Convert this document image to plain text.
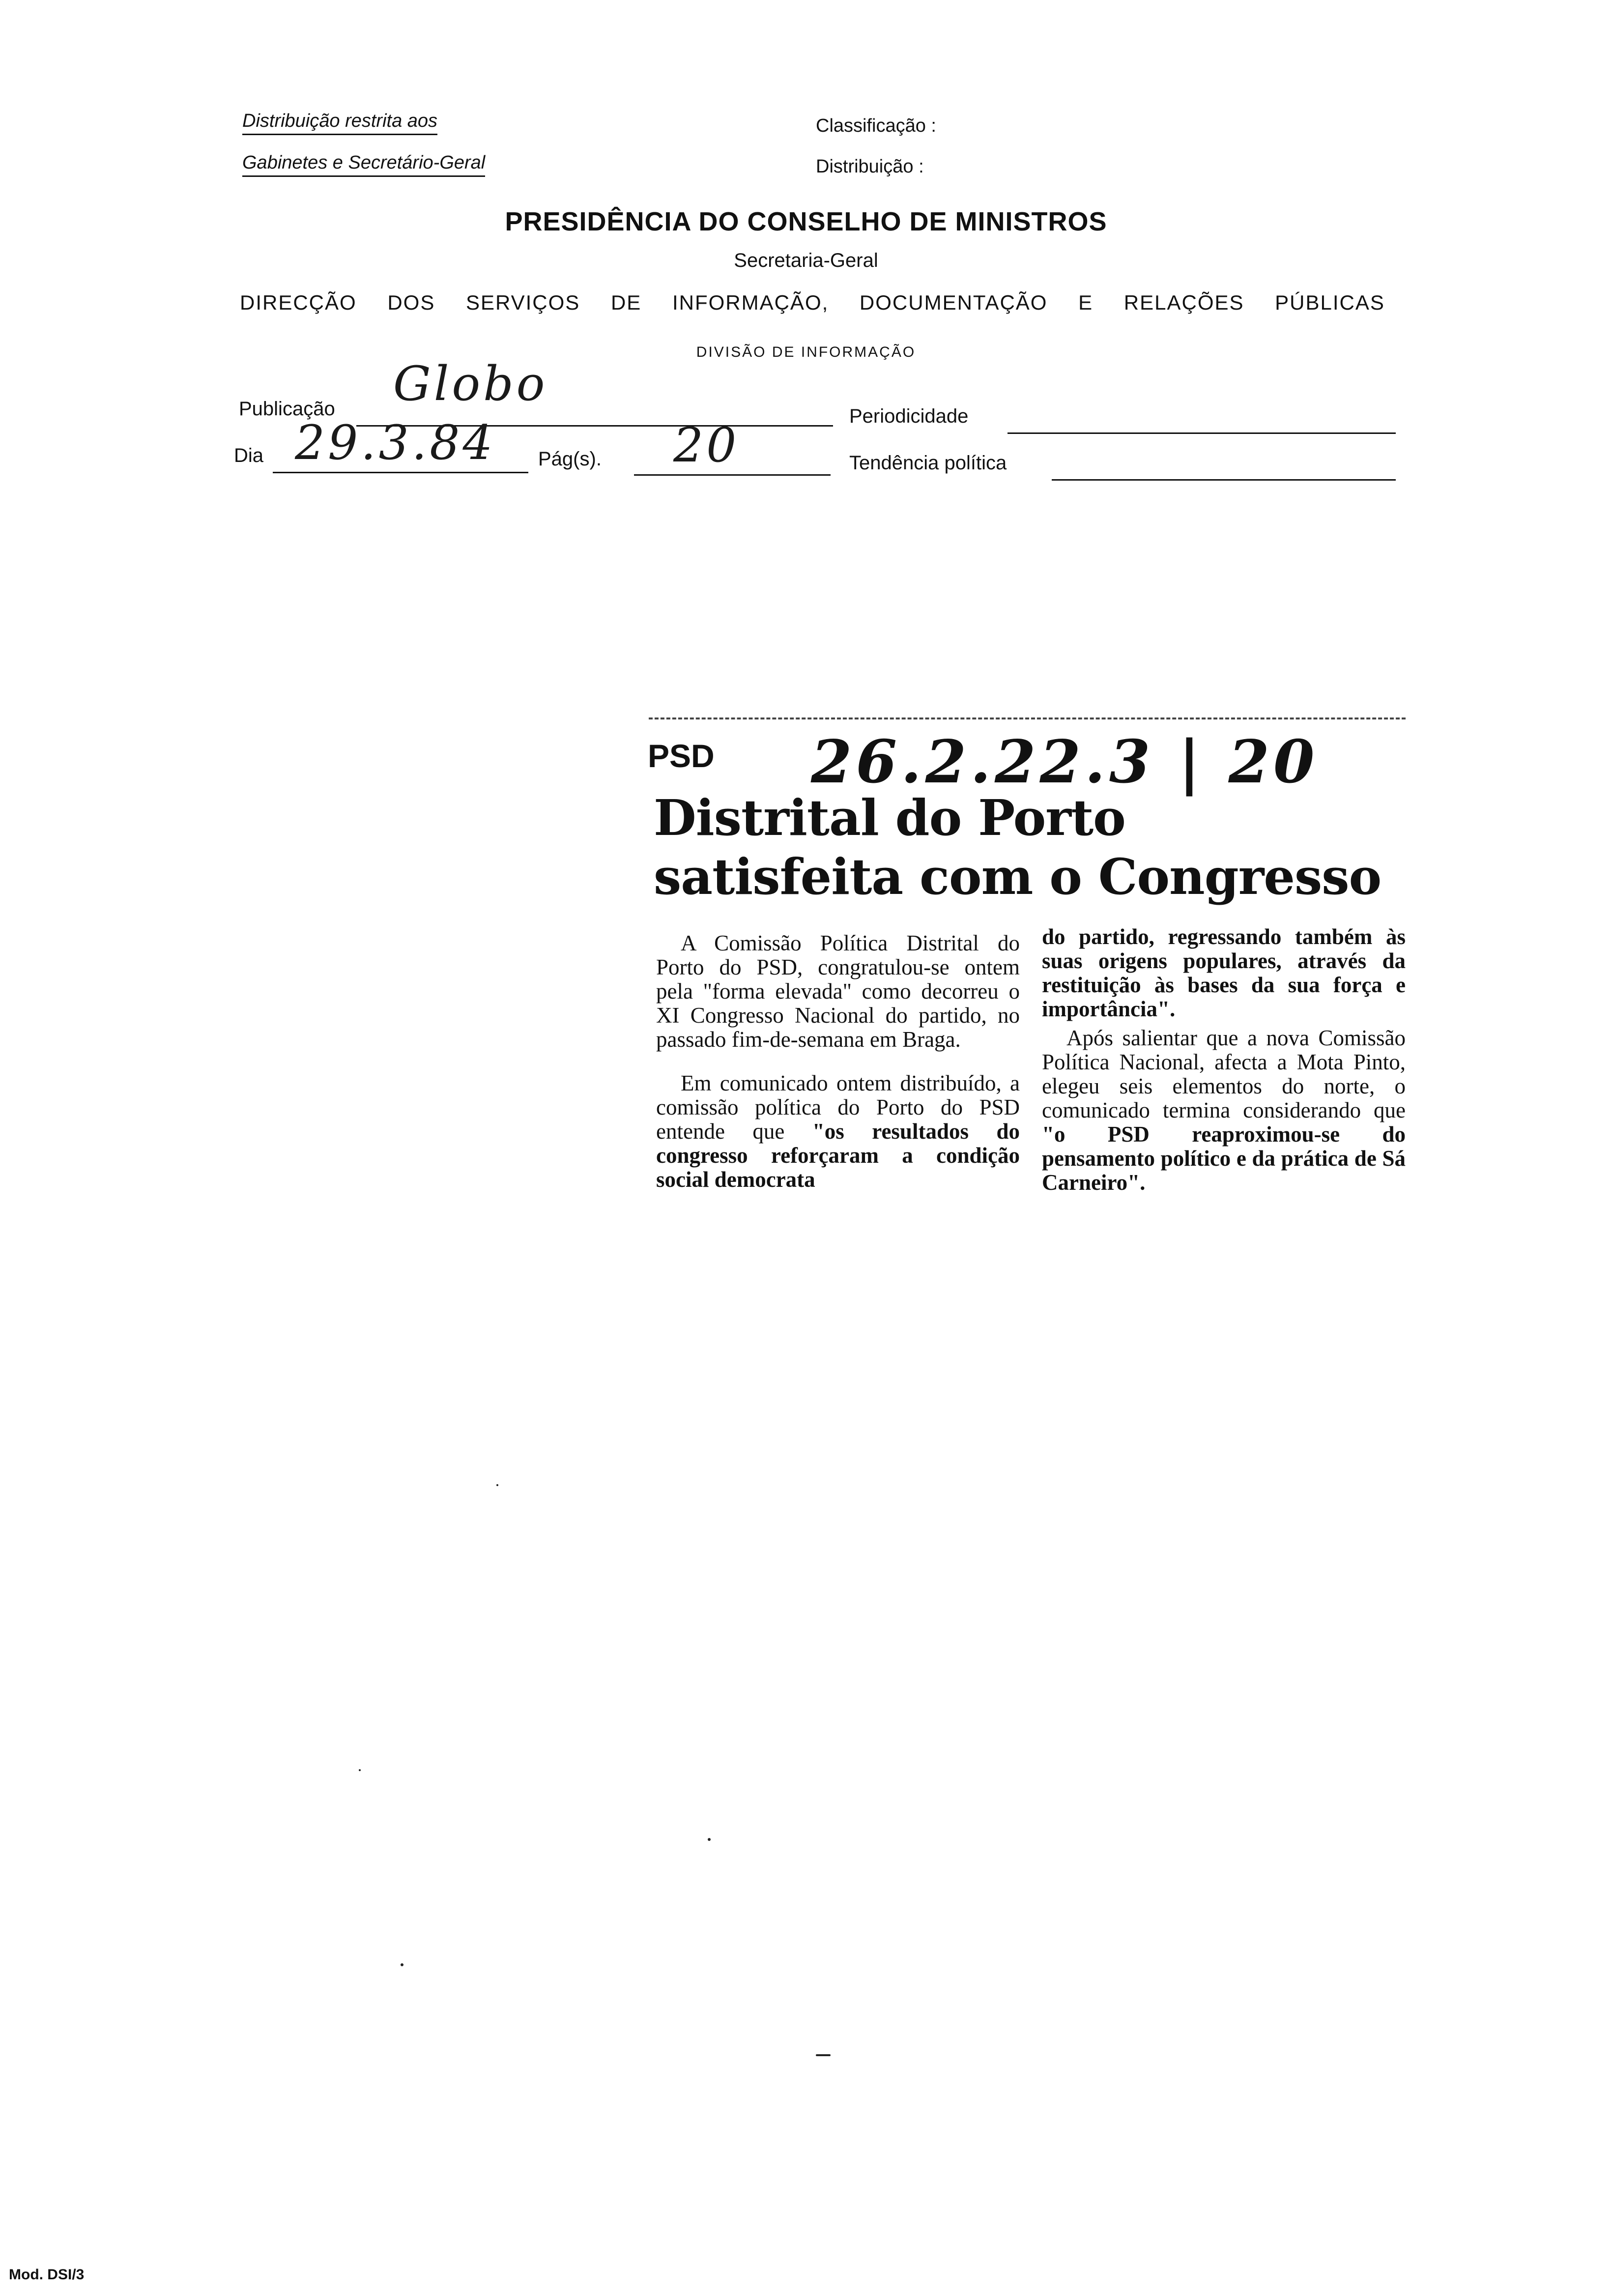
Distribuição restrita aos
Gabinetes e Secretário-Geral
Classificação :
Distribuição :
PRESIDÊNCIA DO CONSELHO DE MINISTROS
Secretaria-Geral
DIRECÇÃO DOS SERVIÇOS DE INFORMAÇÃO, DOCUMENTAÇÃO E RELAÇÕES PÚBLICAS
DIVISÃO DE INFORMAÇÃO
Publicação Globo
Periodicidade
Dia 29.3.84 Pág(s). 20	Tendência política
PSD 26.2.22.3 | 20
Distrital do Porto
satisfeita com o Congresso

A Comissão Política Distrital do Porto do PSD, congratulou-se ontem pela "forma elevada" como decorreu o XI Congresso Nacional do partido, no passado fim-de-semana em Braga.

Em comunicado ontem distribuído, a comissão política do Porto do PSD entende que "os resultados do congresso reforçaram a condição social democrata

do partido, regressando também às suas origens populares, através da restituição às bases da sua força e importância".

Após salientar que a nova Comissão Política Nacional, afecta a Mota Pinto, elegeu seis elementos do norte, o comunicado termina considerando que "o PSD reaproximou-se do pensamento político e da prática de Sá Carneiro".

Mod. DSI/3
